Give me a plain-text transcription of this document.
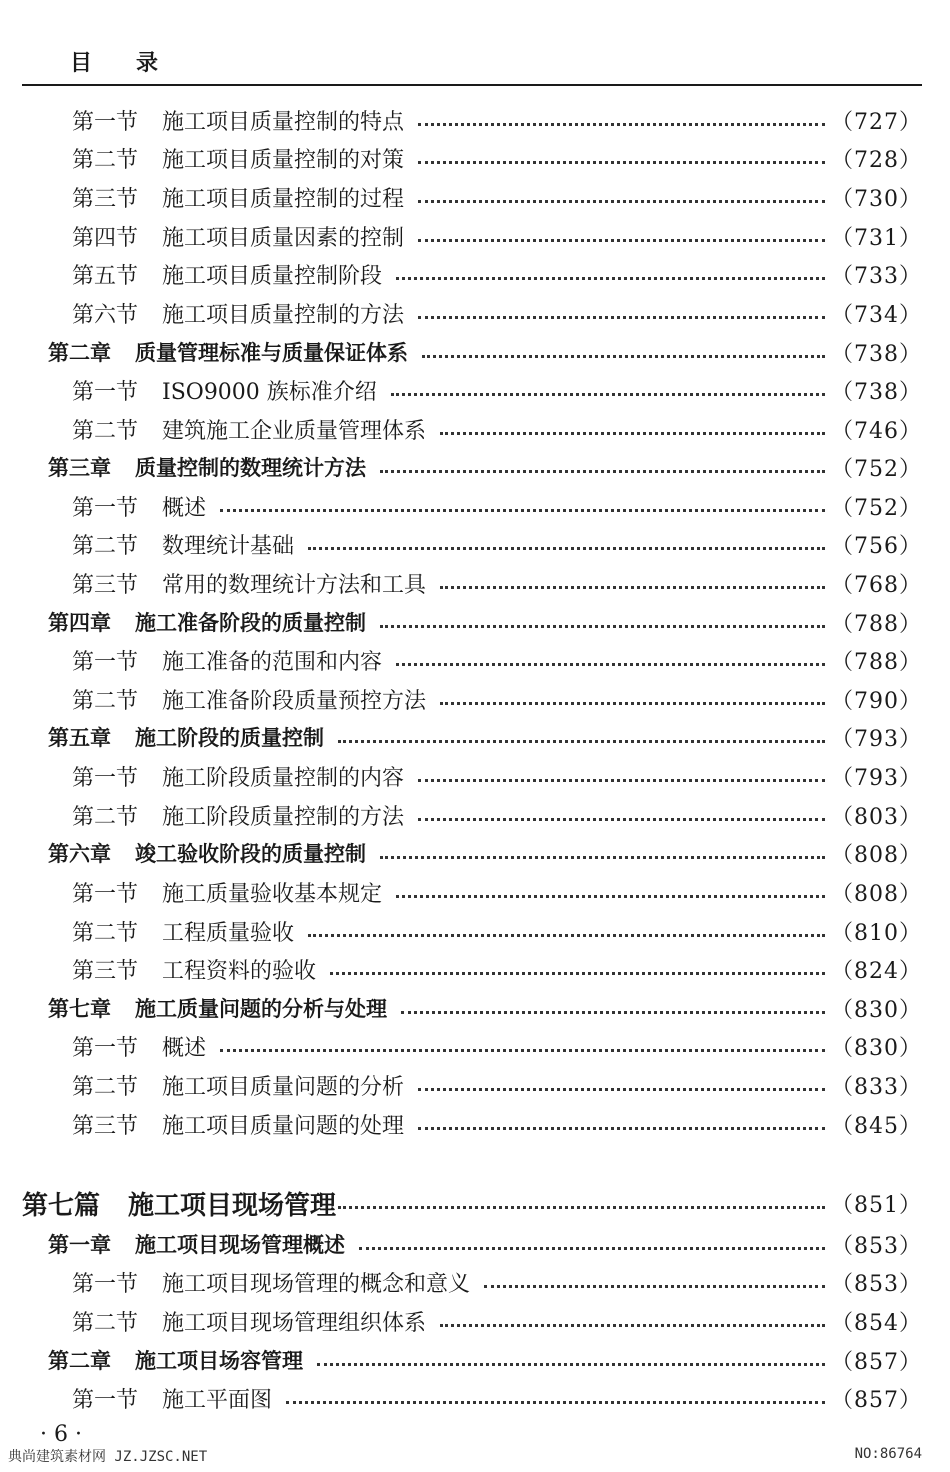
目录
第一节 施工项目质量控制的特点	（727）
第二节 施工项目质量控制的对策	（728）
第三节 施工项目质量控制的过程	（730）
第四节 施工项目质量因素的控制	（731）
第五节 施工项目质量控制阶段	（733）
第六节 施工项目质量控制的方法	（734）
第二章 质量管理标准与质量保证体系	（738）
第一节 ISO9000 族标准介绍	（738）
第二节 建筑施工企业质量管理体系	（746）
第三章 质量控制的数理统计方法	（752）
第一节 概述	（752）
第二节 数理统计基础	（756）
第三节 常用的数理统计方法和工具	（768）
第四章 施工准备阶段的质量控制	（788）
第一节 施工准备的范围和内容	（788）
第二节 施工准备阶段质量预控方法	（790）
第五章 施工阶段的质量控制	（793）
第一节 施工阶段质量控制的内容	（793）
第二节 施工阶段质量控制的方法	（803）
第六章 竣工验收阶段的质量控制	（808）
第一节 施工质量验收基本规定	（808）
第二节 工程质量验收	（810）
第三节 工程资料的验收	（824）
第七章 施工质量问题的分析与处理	（830）
第一节 概述	（830）
第二节 施工项目质量问题的分析	（833）
第三节 施工项目质量问题的处理	（845）
第七篇 施工项目现场管理	（851）
第一章 施工项目现场管理概述	（853）
第一节 施工项目现场管理的概念和意义	（853）
第二节 施工项目现场管理组织体系	（854）
第二章 施工项目场容管理	（857）
第一节 施工平面图	（857）
· 6 ·
典尚建筑素材网 JZ.JZSC.NET	NO:86764
